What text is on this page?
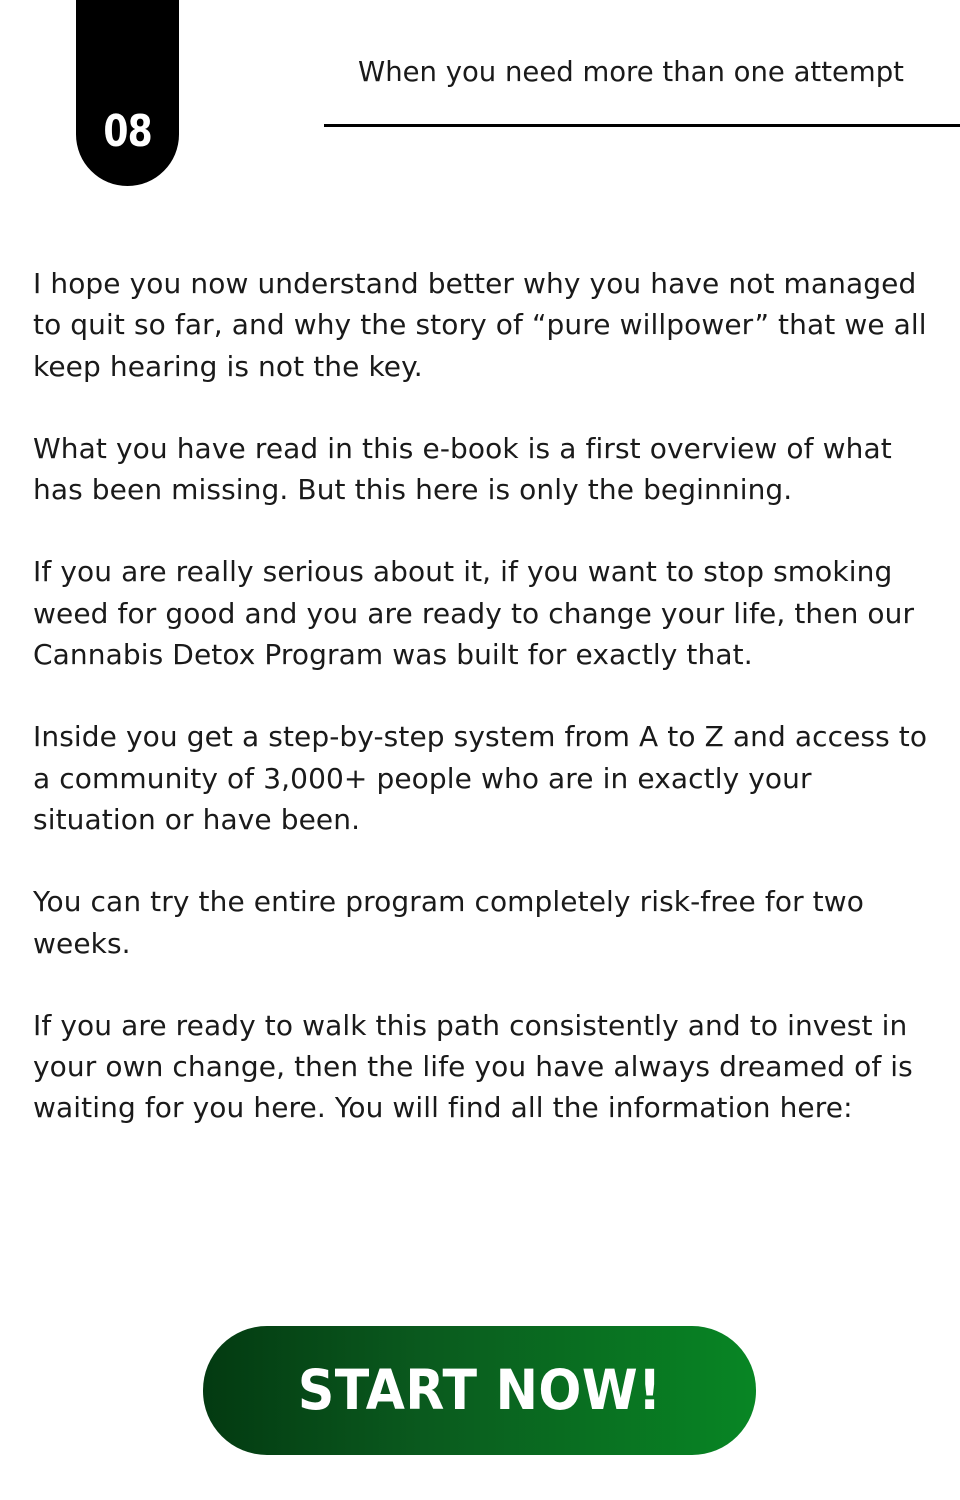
08
When you need more than one attempt

I hope you now understand better why you have not managed to quit so far, and why the story of “pure willpower” that we all keep hearing is not the key.

What you have read in this e-book is a first overview of what has been missing. But this here is only the beginning.

If you are really serious about it, if you want to stop smoking weed for good and you are ready to change your life, then our Cannabis Detox Program was built for exactly that.

Inside you get a step-by-step system from A to Z and access to a community of 3,000+ people who are in exactly your situation or have been.

You can try the entire program completely risk-free for two weeks.

If you are ready to walk this path consistently and to invest in your own change, then the life you have always dreamed of is waiting for you here. You will find all the information here:

START NOW!
